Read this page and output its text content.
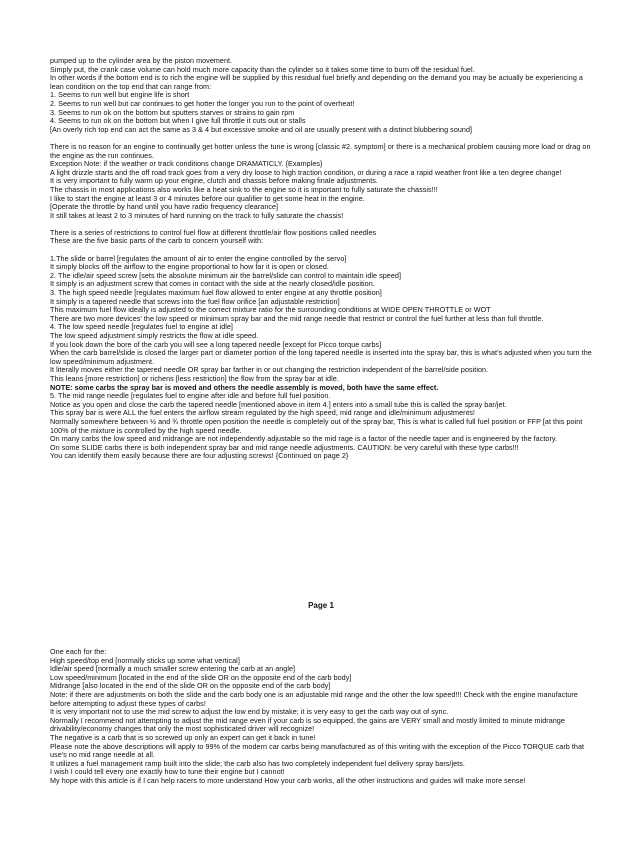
pumped up to the cylinder area by the piston movement.

Simply put, the crank case volume can hold much more capacity than the cylinder so it takes some time to burn off the residual fuel.

In other words if the bottom end is to rich the engine will be supplied by this residual fuel briefly and depending on the demand you may be actually be experiencing a lean condition on the top end that can range from:

1. Seems to run well but engine life is short

2. Seems to run well but car continues to get hotter the longer you run to the point of overheat!

3. Seems to run ok on the bottom but sputters starves or strains to gain rpm

4. Seems to run ok on the bottom but when I give full throttle it cuts out or stalls

[An overly rich top end can act the same as 3 & 4 but excessive smoke and oil are usually present with a distinct blubbering sound]

There is no reason for an engine to continually get hotter unless the tune is wrong [classic #2. symptom] or there is a mechanical problem causing more load or drag on the engine as the run continues.

Exception Note: if the weather or track conditions change DRAMATICLY. {Examples}

A light drizzle starts and the off road track goes from a very dry loose to high traction condition, or during a race a rapid weather front like a ten degree change!

It is very important to fully warm up your engine, clutch and chassis before making finale adjustments.

The chassis in most applications also works like a heat sink to the engine so it is important to fully saturate the chassis!!!

I like to start the engine at least 3 or 4 minutes before our qualifier to get some heat in the engine.

[Operate the throttle by hand until you have radio frequency clearance]

It still takes at least 2 to 3 minutes of hard running on the track to fully saturate the chassis!

There is a series of restrictions to control fuel flow at different throttle/air flow positions called needles

These are the five basic parts of the carb to concern yourself with:

1.The slide or barrel [regulates the amount of air to enter the engine controlled by the servo]

It simply blocks off the airflow to the engine proportional to how far it is open or closed.

2. The idle/air speed screw [sets the absolute minimum air the barrel/slide can control to maintain idle speed]

It simply is an adjustment screw that comes in contact with the side at the nearly closed/idle position.

3. The high speed needle [regulates maximum fuel flow allowed to enter engine at any throttle position]

It simply is a tapered needle that screws into the fuel flow orifice [an adjustable restriction]

This maximum fuel flow ideally is adjusted to the correct mixture ratio for the surrounding conditions at WIDE OPEN THROTTLE or WOT

There are two more devices' the low speed or minimum spray bar and the mid range needle that restrict or control the fuel further at less than full throttle.

4. The low speed needle [regulates fuel to engine at idle]

The low speed adjustment simply restricts the flow at idle speed.

If you look down the bore of the carb you will see a long tapered needle [except for Picco torque carbs]

When the carb barrel/slide is closed the larger part or diameter portion of the long tapered needle is inserted into the spray bar, this is what's adjusted when you turn the low speed/minimum adjustment.

It literally moves either the tapered needle OR spray bar farther in or out changing the restriction independent of the barrel/side position.

This leans [more restriction] or richens [less restriction] the flow from the spray bar at idle.

NOTE: some carbs the spray bar is moved and others the needle assembly is moved, both have the same effect.

5. The mid range needle [regulates fuel to engine after idle and before full fuel position.

Notice as you open and close the carb the tapered needle [mentioned above in item 4.] enters into a small tube this is called the spray bar/jet.

This spray bar is were ALL the fuel enters the airflow stream regulated by the high speed, mid range and idle/minimum adjustments!

Normally somewhere between ½ and ¾ throttle open position the needle is completely out of the spray bar, This is what is called full fuel position or FFP [at this point 100% of the mixture is controlled by the high speed needle.

On many carbs the low speed and midrange are not independently adjustable so the mid rage is a factor of the needle taper and is engineered by the factory.

On some SLIDE carbs there is both independent spray bar and mid range needle adjustments. CAUTION: be very careful with these type carbs!!!

You can identify them easily because there are four adjusting screws! {Continued on page 2}

Page 1

One each for the:

High speed/top end [normally sticks up some what vertical]

Idle/air speed [normally a much smaller screw entering the carb at an angle]

Low speed/minimum [located in the end of the slide OR on the opposite end of the carb body]

Midrange [also located in the end of the slide OR on the opposite end of the carb body]

Note: if there are adjustments on both the slide and the carb body one is an adjustable mid range and the other the low speed!!! Check with the engine manufacture before attempting to adjust these types of carbs!

It is very important not to use the mid screw to adjust the low end by mistake; it is very easy to get the carb way out of sync.

Normally I recommend not attempting to adjust the mid range even if your carb is so equipped, the gains are VERY small and mostly limited to minute midrange drivability/economy changes that only the most sophisticated driver will recognize!

The negative is a carb that is so screwed up only an expert can get it back in tune!

Please note the above descriptions will apply to 99% of the modern car carbs being manufactured as of this writing with the exception of the Picco TORQUE carb that use's no mid range needle at all.

It utilizes a fuel management ramp built into the slide; the carb also has two completely independent fuel delivery spray bars/jets.

I wish I could tell every one exactly how to tune their engine but I cannot!

My hope with this article is if I can help racers to more understand How your carb works, all the other instructions and guides will make more sense!
